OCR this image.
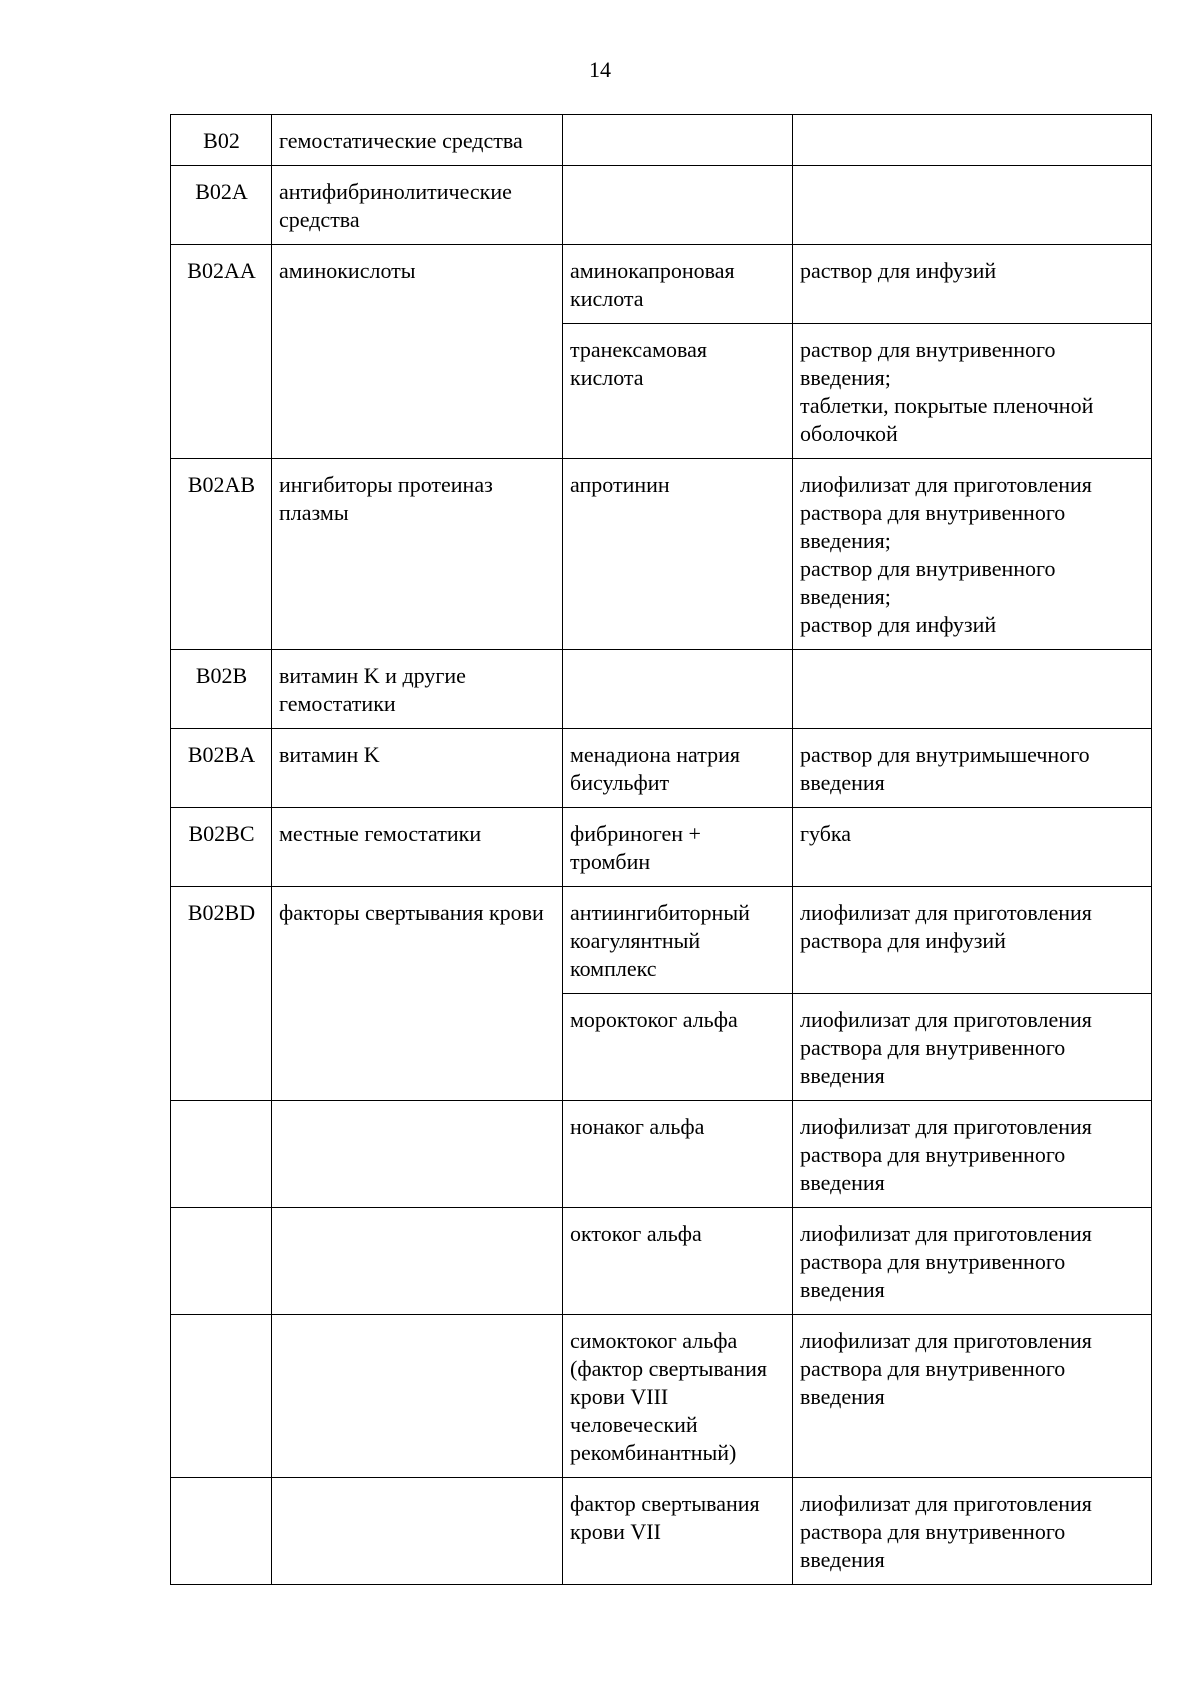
14
B02	гемостатические средства		
B02A	антифибринолитические средства		
B02AA	аминокислоты	аминокапроновая кислота	раствор для инфузий

		транексамовая кислота	раствор для внутривенного введения;
таблетки, покрытые пленочной оболочкой

B02AB	ингибиторы протеиназ плазмы	апротинин	лиофилизат для приготовления раствора для внутривенного введения;
раствор для внутривенного введения;
раствор для инфузий

B02B	витамин K и другие гемостатики		
B02BA	витамин K	менадиона натрия бисульфит	раствор для внутримышечного введения

B02BC	местные гемостатики	фибриноген + тромбин	губка

B02BD	факторы свертывания крови	антиингибиторный коагулянтный комплекс	лиофилизат для приготовления раствора для инфузий

		мороктоког альфа	лиофилизат для приготовления раствора для внутривенного введения

		нонаког альфа	лиофилизат для приготовления раствора для внутривенного введения

		октоког альфа	лиофилизат для приготовления раствора для внутривенного введения

		симоктоког альфа (фактор свертывания крови VIII человеческий рекомбинантный)	лиофилизат для приготовления раствора для внутривенного введения

		фактор свертывания крови VII	лиофилизат для приготовления раствора для внутривенного введения
